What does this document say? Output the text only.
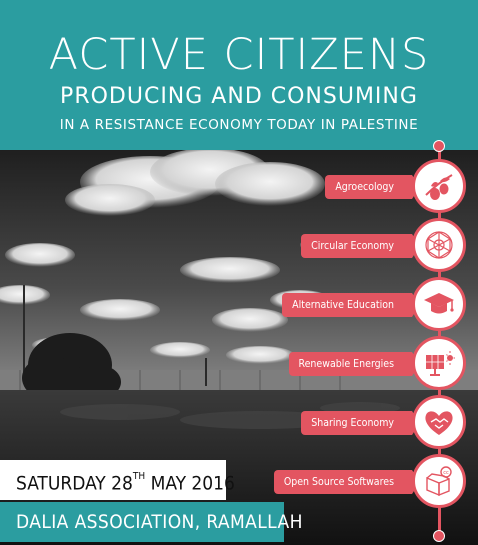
ACTIVE CITIZENS
PRODUCING AND CONSUMING
IN A RESISTANCE ECONOMY TODAY IN PALESTINE
Agroecology
Circular Economy
Alternative Education
Renewable Energies
Sharing Economy
Open Source Softwares
cc
SATURDAY 28TH MAY 2016
DALIA ASSOCIATION, RAMALLAH
